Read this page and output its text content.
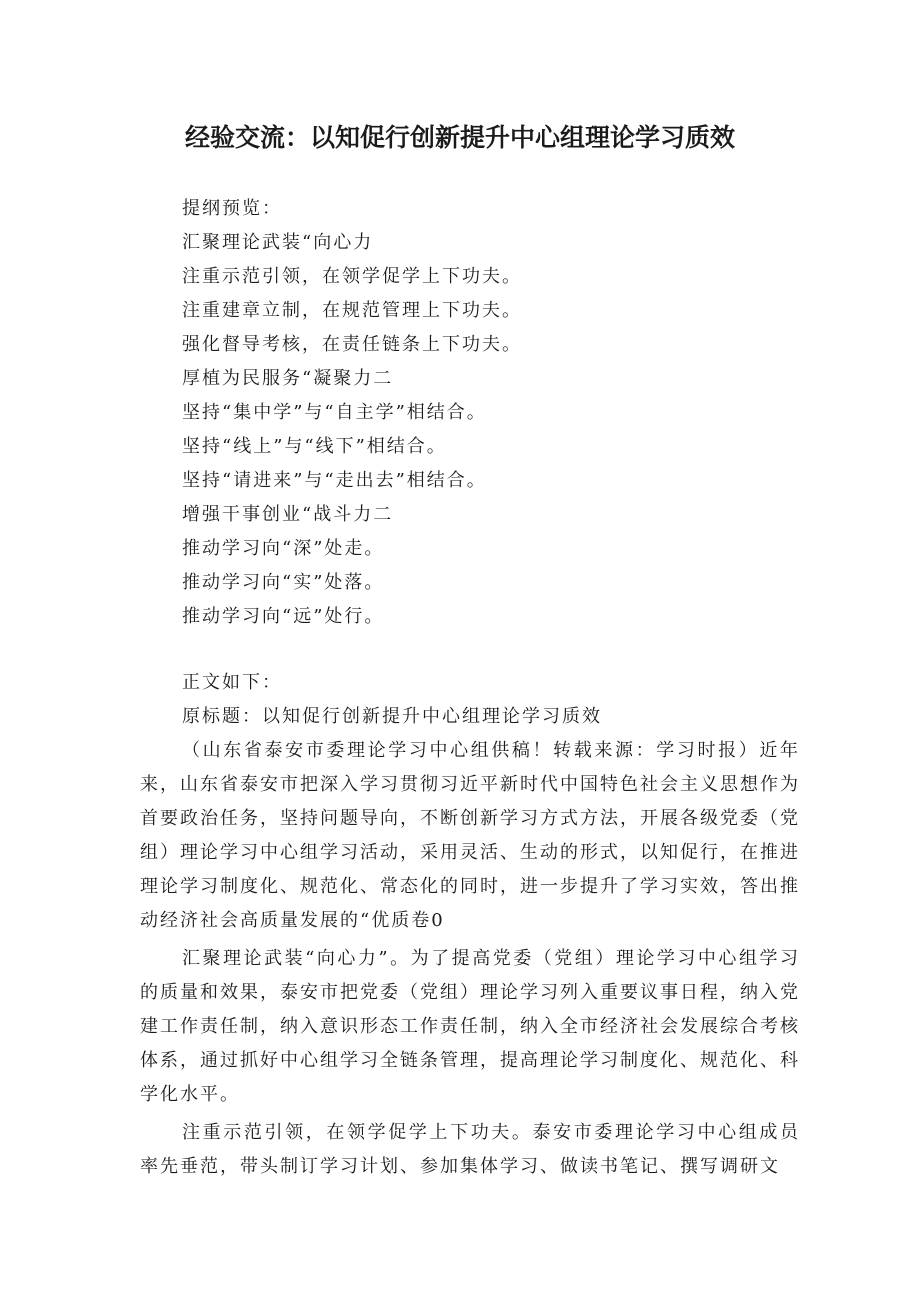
经验交流：以知促行创新提升中心组理论学习质效
提纲预览：
汇聚理论武装“向心力
注重示范引领，在领学促学上下功夫。
注重建章立制，在规范管理上下功夫。
强化督导考核，在责任链条上下功夫。
厚植为民服务“凝聚力二
坚持“集中学”与“自主学”相结合。
坚持“线上”与“线下”相结合。
坚持“请进来”与“走出去”相结合。
增强干事创业“战斗力二
推动学习向“深”处走。
推动学习向“实”处落。
推动学习向“远”处行。
正文如下：
原标题：以知促行创新提升中心组理论学习质效

（山东省泰安市委理论学习中心组供稿！转载来源：学习时报）近年来，山东省泰安市把深入学习贯彻习近平新时代中国特色社会主义思想作为首要政治任务，坚持问题导向，不断创新学习方式方法，开展各级党委（党组）理论学习中心组学习活动，采用灵活、生动的形式，以知促行，在推进理论学习制度化、规范化、常态化的同时，进一步提升了学习实效，答出推动经济社会高质量发展的“优质卷0

汇聚理论武装“向心力”。为了提高党委（党组）理论学习中心组学习的质量和效果，泰安市把党委（党组）理论学习列入重要议事日程，纳入党建工作责任制，纳入意识形态工作责任制，纳入全市经济社会发展综合考核体系，通过抓好中心组学习全链条管理，提高理论学习制度化、规范化、科学化水平。

注重示范引领，在领学促学上下功夫。泰安市委理论学习中心组成员率先垂范，带头制订学习计划、参加集体学习、做读书笔记、撰写调研文
